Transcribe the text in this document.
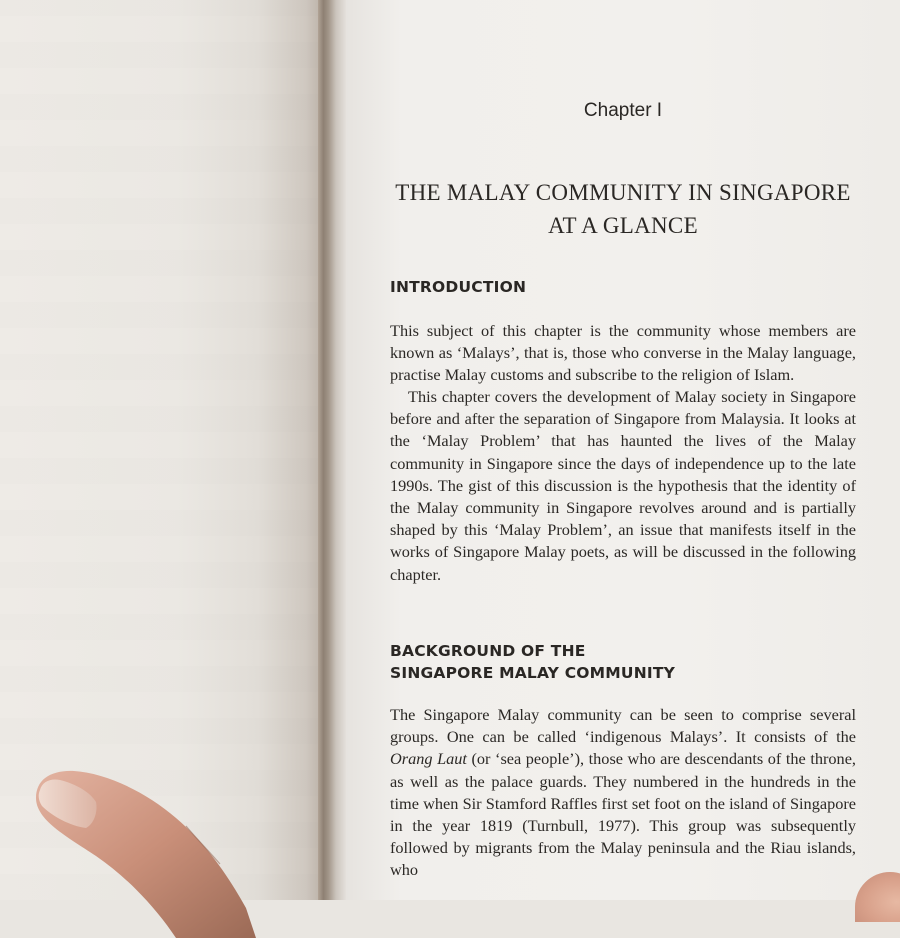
Chapter I
THE MALAY COMMUNITY IN SINGAPORE
AT A GLANCE
INTRODUCTION

This subject of this chapter is the community whose members are known as ‘Malays’, that is, those who converse in the Malay language, practise Malay customs and subscribe to the religion of Islam.

This chapter covers the development of Malay society in Singapore before and after the separation of Singapore from Malaysia. It looks at the ‘Malay Problem’ that has haunted the lives of the Malay community in Singapore since the days of independence up to the late 1990s. The gist of this discussion is the hypothesis that the identity of the Malay community in Singapore revolves around and is partially shaped by this ‘Malay Problem’, an issue that manifests itself in the works of Singapore Malay poets, as will be discussed in the following chapter.

BACKGROUND OF THE
SINGAPORE MALAY COMMUNITY

The Singapore Malay community can be seen to comprise several groups. One can be called ‘indigenous Malays’. It consists of the Orang Laut (or ‘sea people’), those who are descendants of the throne, as well as the palace guards. They numbered in the hundreds in the time when Sir Stamford Raffles first set foot on the island of Singapore in the year 1819 (Turnbull, 1977). This group was subsequently followed by migrants from the Malay peninsula and the Riau islands, who
